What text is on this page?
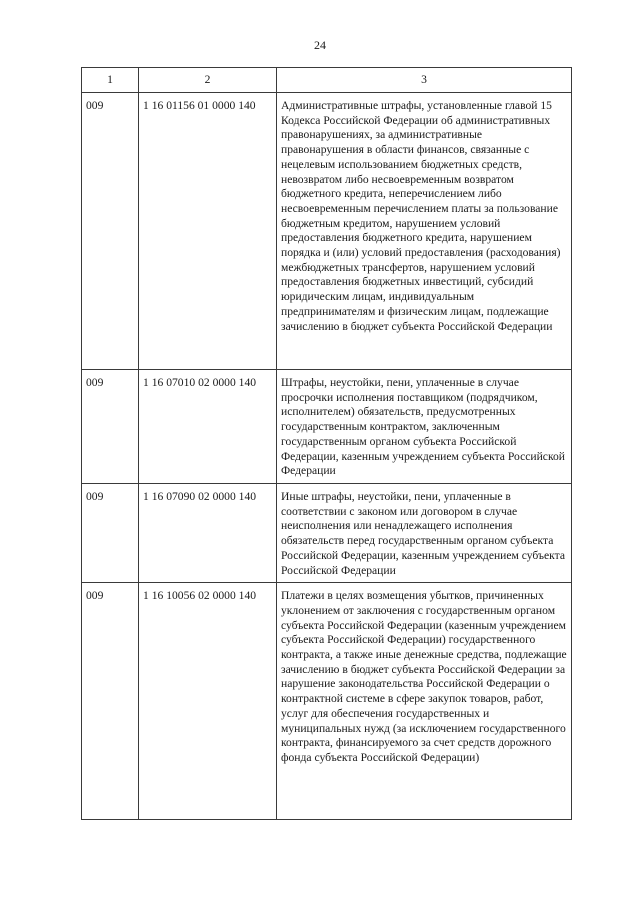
24
1	2	3
009	1 16 01156 01 0000 140	Административные штрафы, установленные главой 15 Кодекса Российской Федерации об административных правонарушениях, за административные правонарушения в области финансов, связанные с нецелевым использованием бюджетных средств, невозвратом либо несвоевременным возвратом бюджетного кредита, неперечислением либо несвоевременным перечислением платы за пользование бюджетным кредитом, нарушением условий предоставления бюджетного кредита, нарушением порядка и (или) условий предоставления (расходования) межбюджетных трансфертов, нарушением условий предоставления бюджетных инвестиций, субсидий юридическим лицам, индивидуальным предпринимателям и физическим лицам, подлежащие зачислению в бюджет субъекта Российской Федерации
009	1 16 07010 02 0000 140	Штрафы, неустойки, пени, уплаченные в случае просрочки исполнения поставщиком (подрядчиком, исполнителем) обязательств, предусмотренных государственным контрактом, заключенным государственным органом субъекта Российской Федерации, казенным учреждением субъекта Российской Федерации
009	1 16 07090 02 0000 140	Иные штрафы, неустойки, пени, уплаченные в соответствии с законом или договором в случае неисполнения или ненадлежащего исполнения обязательств перед государственным органом субъекта Российской Федерации, казенным учреждением субъекта Российской Федерации
009	1 16 10056 02 0000 140	Платежи в целях возмещения убытков, причиненных уклонением от заключения с государственным органом субъекта Российской Федерации (казенным учреждением субъекта Российской Федерации) государственного контракта, а также иные денежные средства, подлежащие зачислению в бюджет субъекта Российской Федерации за нарушение законодательства Российской Федерации о контрактной системе в сфере закупок товаров, работ, услуг для обеспечения государственных и муниципальных нужд (за исключением государственного контракта, финансируемого за счет средств дорожного фонда субъекта Российской Федерации)
